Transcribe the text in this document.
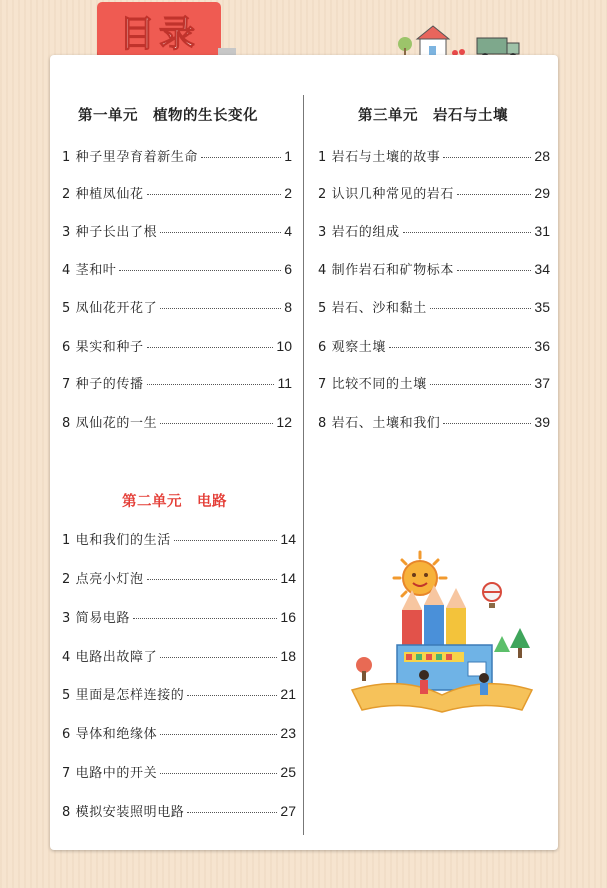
目录
第一单元　植物的生长变化
1 种子里孕育着新生命	1
2 种植凤仙花	2
3 种子长出了根	4
4 茎和叶	6
5 凤仙花开花了	8
6 果实和种子	10
7 种子的传播	11
8 凤仙花的一生	12
第二单元　电路
1 电和我们的生活	14
2 点亮小灯泡	14
3 简易电路	16
4 电路出故障了	18
5 里面是怎样连接的	21
6 导体和绝缘体	23
7 电路中的开关	25
8 模拟安装照明电路	27
第三单元　岩石与土壤
1 岩石与土壤的故事	28
2 认识几种常见的岩石	29
3 岩石的组成	31
4 制作岩石和矿物标本	34
5 岩石、沙和黏土	35
6 观察土壤	36
7 比较不同的土壤	37
8 岩石、土壤和我们	39
